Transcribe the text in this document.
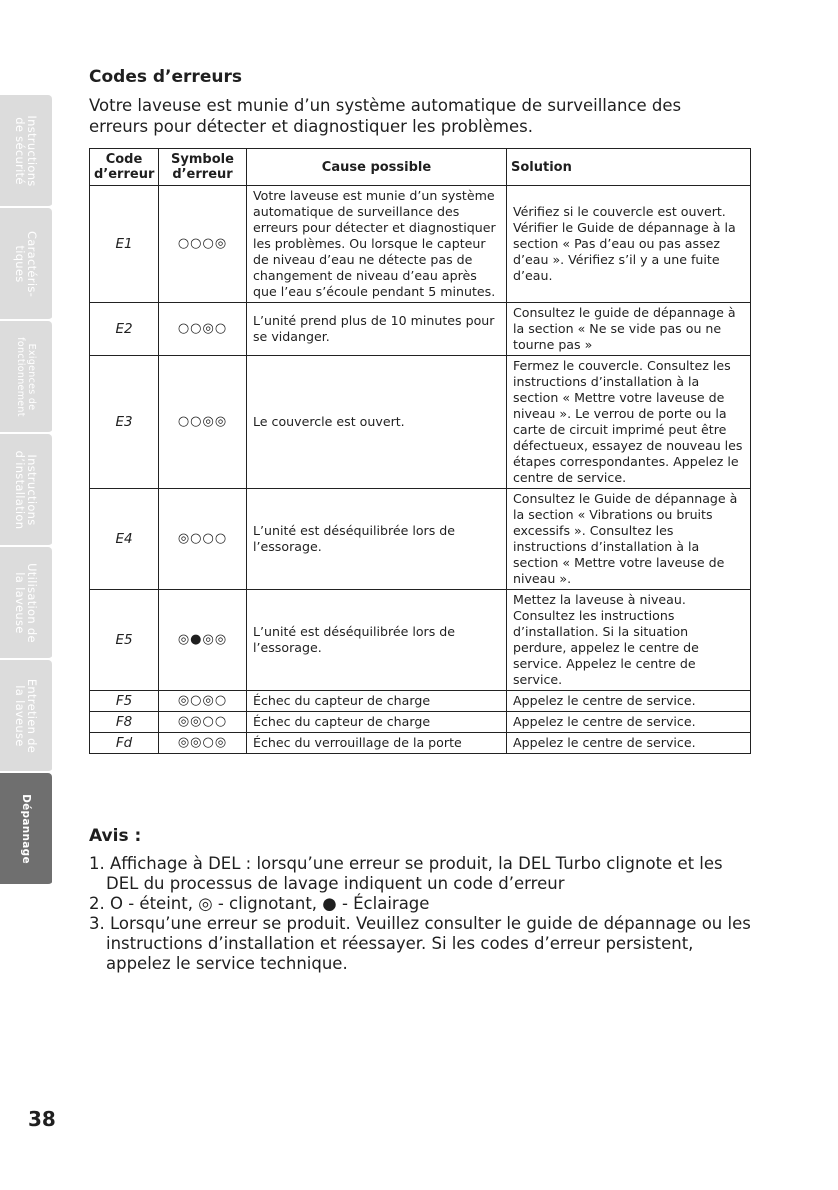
Instructions
de sécurité
Caractéris-
tiques
Exigences de
fonctionnement
Instructions
d’installation
Utilisation de
la laveuse
Entretien de
la laveuse
Dépannage
Codes d’erreurs

Votre laveuse est munie d’un système automatique de surveillance des erreurs pour détecter et diagnostiquer les problèmes.

Code d’erreur	Symbole d’erreur	Cause possible	Solution
E1	○○○◎	Votre laveuse est munie d’un système automatique de surveillance des erreurs pour détecter et diagnostiquer les problèmes. Ou lorsque le capteur de niveau d’eau ne détecte pas de changement de niveau d’eau après que l’eau s’écoule pendant 5 minutes.	Vérifiez si le couvercle est ouvert. Vérifier le Guide de dépannage à la section « Pas d’eau ou pas assez d’eau ». Vérifiez s’il y a une fuite d’eau.
E2	○○◎○	L’unité prend plus de 10 minutes pour se vidanger.	Consultez le guide de dépannage à la section « Ne se vide pas ou ne tourne pas »
E3	○○◎◎	Le couvercle est ouvert.	Fermez le couvercle. Consultez les instructions d’installation à la section « Mettre votre laveuse de niveau ». Le verrou de porte ou la carte de circuit imprimé peut être défectueux, essayez de nouveau les étapes correspondantes. Appelez le centre de service.
E4	◎○○○	L’unité est déséquilibrée lors de l’essorage.	Consultez le Guide de dépannage à la section « Vibrations ou bruits excessifs ». Consultez les instructions d’installation à la section « Mettre votre laveuse de niveau ».
E5	◎●◎◎	L’unité est déséquilibrée lors de l’essorage.	Mettez la laveuse à niveau. Consultez les instructions d’installation. Si la situation perdure, appelez le centre de service. Appelez le centre de service.
F5	◎○◎○	Échec du capteur de charge	Appelez le centre de service.
F8	◎◎○○	Échec du capteur de charge	Appelez le centre de service.
Fd	◎◎○◎	Échec du verrouillage de la porte	Appelez le centre de service.
Avis :
1. Affichage à DEL : lorsqu’une erreur se produit, la DEL Turbo clignote et les DEL du processus de lavage indiquent un code d’erreur
2. O - éteint, ◎ - clignotant, ● - Éclairage
3. Lorsqu’une erreur se produit. Veuillez consulter le guide de dépannage ou les instructions d’installation et réessayer. Si les codes d’erreur persistent, appelez le service technique.
38
